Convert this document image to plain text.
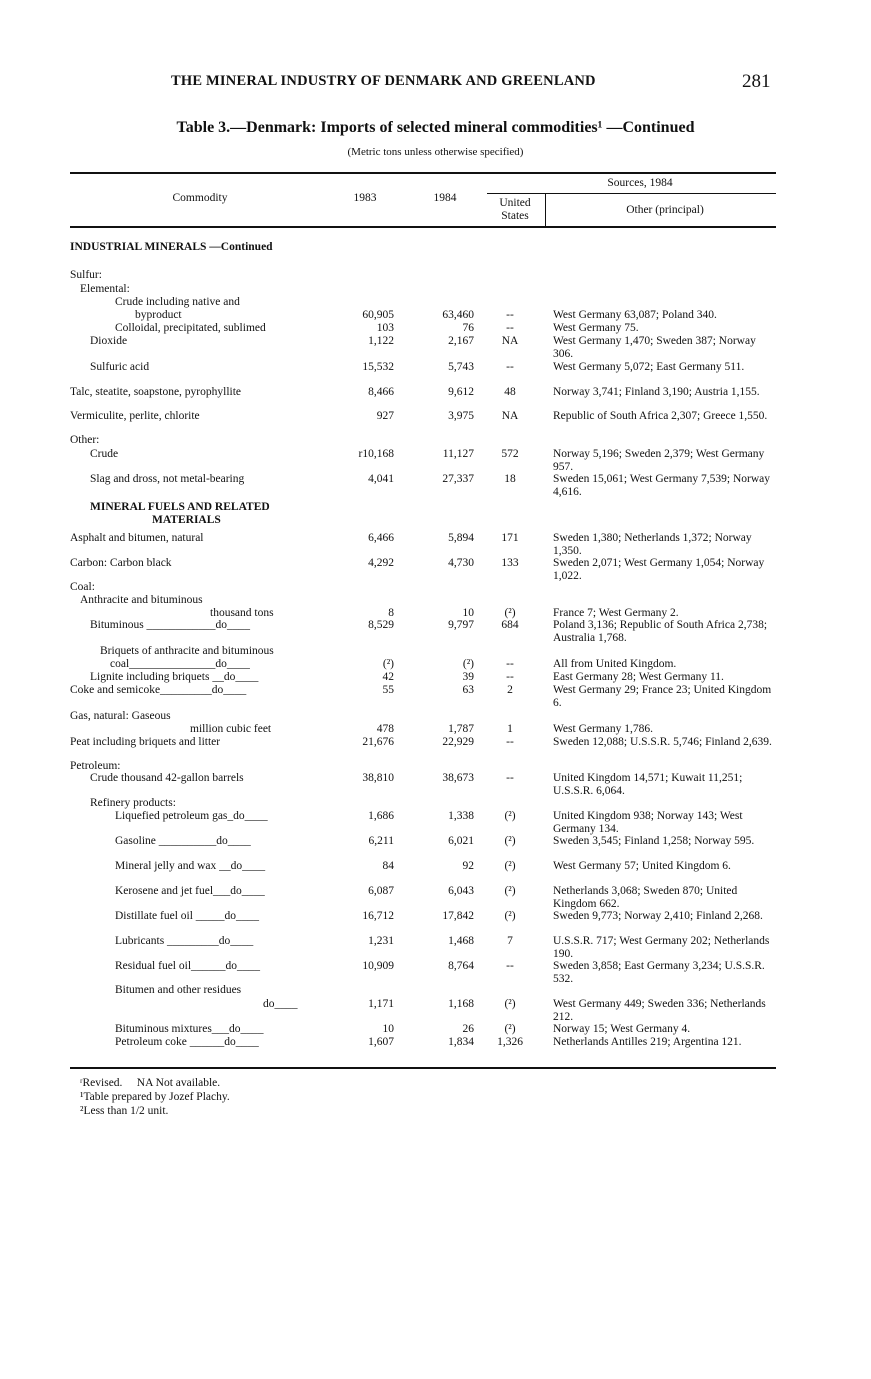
THE MINERAL INDUSTRY OF DENMARK AND GREENLAND	281
Table 3.—Denmark: Imports of selected mineral commodities¹ —Continued
(Metric tons unless otherwise specified)
Commodity	1983	1984
Sources, 1984
United States	Other (principal)
INDUSTRIAL MINERALS —Continued
Sulfur:
Elemental:
Crude including native and
byproduct	60,905	63,460	--	West Germany 63,087; Poland 340.
Colloidal, precipitated, sublimed	103	76	--	West Germany 75.
Dioxide	1,122	2,167	NA	West Germany 1,470; Sweden 387; Norway 306.
Sulfuric acid	15,532	5,743	--	West Germany 5,072; East Germany 511.
Talc, steatite, soapstone, pyrophyllite	8,466	9,612	48	Norway 3,741; Finland 3,190; Austria 1,155.
Vermiculite, perlite, chlorite	927	3,975	NA	Republic of South Africa 2,307; Greece 1,550.
Other:
Crude	r10,168	11,127	572	Norway 5,196; Sweden 2,379; West Germany 957.
Slag and dross, not metal-bearing	4,041	27,337	18	Sweden 15,061; West Germany 7,539; Norway 4,616.
MINERAL FUELS AND RELATED
MATERIALS
Asphalt and bitumen, natural	6,466	5,894	171	Sweden 1,380; Netherlands 1,372; Norway 1,350.
Carbon: Carbon black	4,292	4,730	133	Sweden 2,071; West Germany 1,054; Norway 1,022.
Coal:
Anthracite and bituminous
thousand tons	8	10	(²)	France 7; West Germany 2.
Bituminous ____________do____	8,529	9,797	684	Poland 3,136; Republic of South Africa 2,738; Australia 1,768.
Briquets of anthracite and bituminous
coal_______________do____	(²)	(²)	--	All from United Kingdom.
Lignite including briquets __do____	42	39	--	East Germany 28; West Germany 11.
Coke and semicoke_________do____	55	63	2	West Germany 29; France 23; United Kingdom 6.
Gas, natural: Gaseous
million cubic feet	478	1,787	1	West Germany 1,786.
Peat including briquets and litter	21,676	22,929	--	Sweden 12,088; U.S.S.R. 5,746; Finland 2,639.
Petroleum:
Crude thousand 42-gallon barrels	38,810	38,673	--	United Kingdom 14,571; Kuwait 11,251; U.S.S.R. 6,064.
Refinery products:
Liquefied petroleum gas_do____	1,686	1,338	(²)	United Kingdom 938; Norway 143; West Germany 134.
Gasoline __________do____	6,211	6,021	(²)	Sweden 3,545; Finland 1,258; Norway 595.
Mineral jelly and wax __do____	84	92	(²)	West Germany 57; United Kingdom 6.
Kerosene and jet fuel___do____	6,087	6,043	(²)	Netherlands 3,068; Sweden 870; United Kingdom 662.
Distillate fuel oil _____do____	16,712	17,842	(²)	Sweden 9,773; Norway 2,410; Finland 2,268.
Lubricants _________do____	1,231	1,468	7	U.S.S.R. 717; West Germany 202; Netherlands 190.
Residual fuel oil______do____	10,909	8,764	--	Sweden 3,858; East Germany 3,234; U.S.S.R. 532.
Bitumen and other residues
do____	1,171	1,168	(²)	West Germany 449; Sweden 336; Netherlands 212.
Bituminous mixtures___do____	10	26	(²)	Norway 15; West Germany 4.
Petroleum coke ______do____	1,607	1,834	1,326	Netherlands Antilles 219; Argentina 121.
ʳRevised.     NA Not available.
¹Table prepared by Jozef Plachy.
²Less than 1/2 unit.
